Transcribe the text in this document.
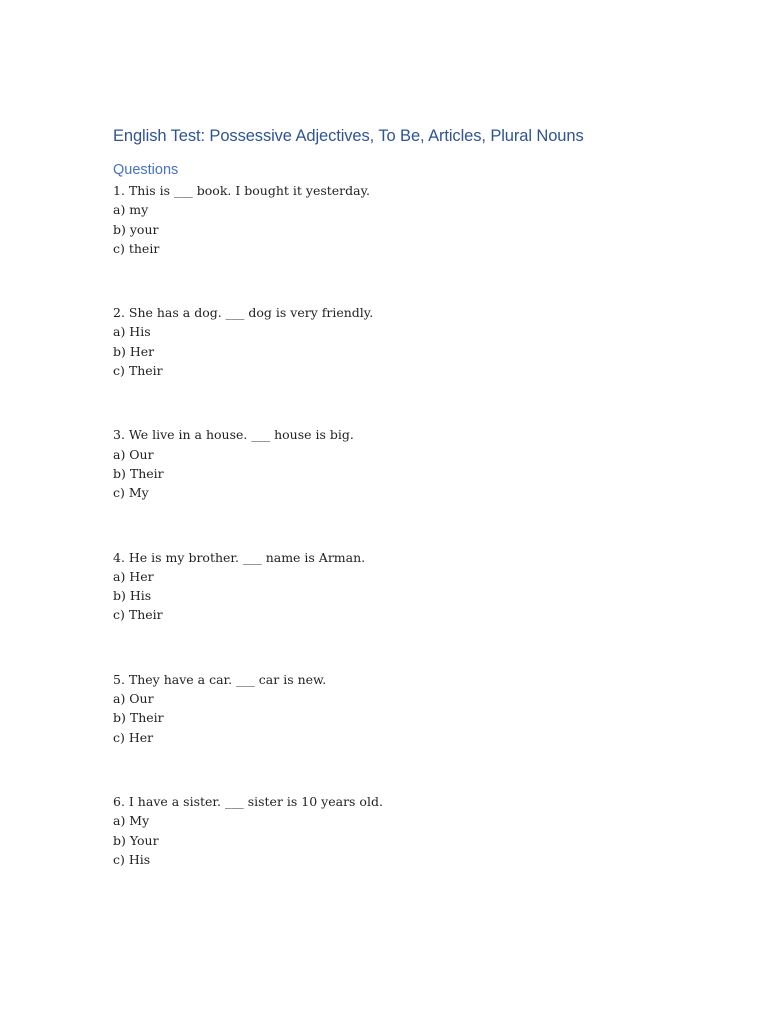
English Test: Possessive Adjectives, To Be, Articles, Plural Nouns
Questions
1. This is ___ book. I bought it yesterday.
a) my
b) your
c) their
2. She has a dog. ___ dog is very friendly.
a) His
b) Her
c) Their
3. We live in a house. ___ house is big.
a) Our
b) Their
c) My
4. He is my brother. ___ name is Arman.
a) Her
b) His
c) Their
5. They have a car. ___ car is new.
a) Our
b) Their
c) Her
6. I have a sister. ___ sister is 10 years old.
a) My
b) Your
c) His
